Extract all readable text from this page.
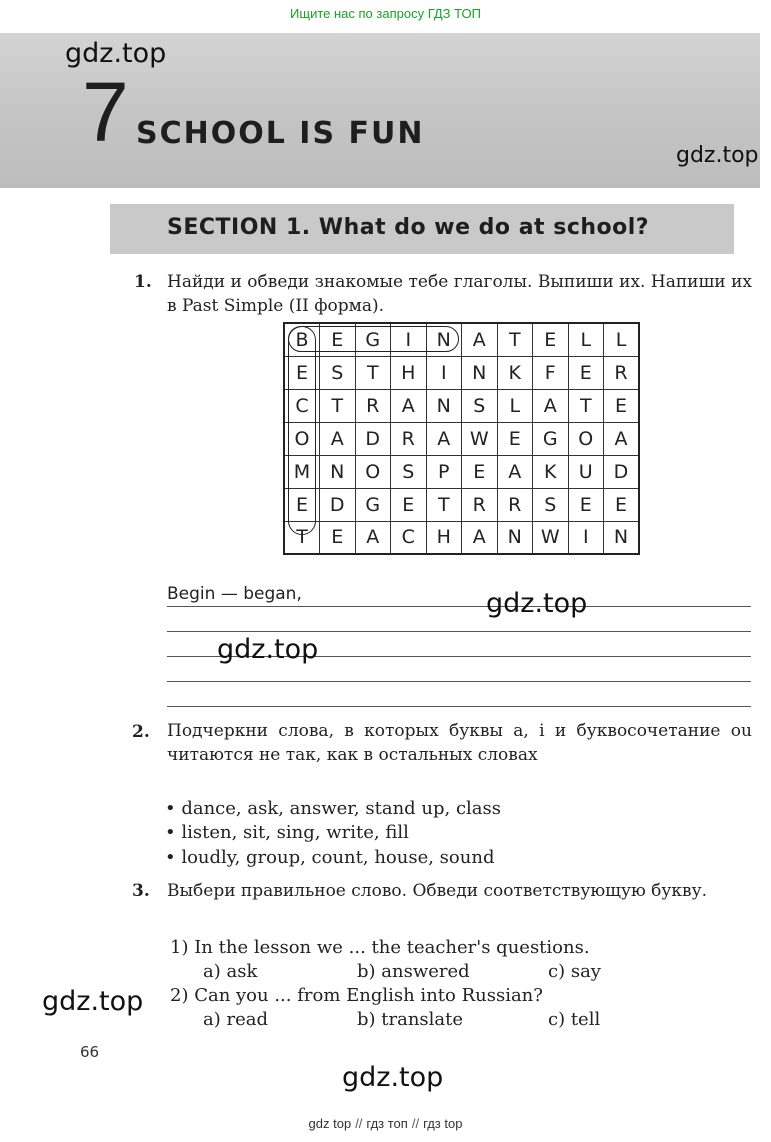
Ищите нас по запросу ГДЗ ТОП
7 SCHOOL IS FUN
SECTION 1. What do we do at school?
1. Найди и обведи знакомые тебе глаголы. Выпиши их. Напиши их в Past Simple (II форма).
B	E	G	I	N	A	T	E	L	L
E	S	T	H	I	N	K	F	E	R
C	T	R	A	N	S	L	A	T	E
O	A	D	R	A	W	E	G	O	A
M	N	O	S	P	E	A	K	U	D
E	D	G	E	T	R	R	S	E	E
T	E	A	C	H	A	N	W	I	N
Begin — began,
2. Подчеркни слова, в которых буквы a, i и буквосочетание ou читаются не так, как в остальных словах
• dance, ask, answer, stand up, class
• listen, sit, sing, write, fill
• loudly, group, count, house, sound
3. Выбери правильное слово. Обведи соответствующую букву.
1) In the lesson we ... the teacher's questions.
a) ask	b) answered	c) say
2) Can you ... from English into Russian?
a) read	b) translate	c) tell
66
gdz.top
gdz.top
gdz.top
gdz.top
gdz.top
gdz.top
gdz top // гдз топ // гдз top
